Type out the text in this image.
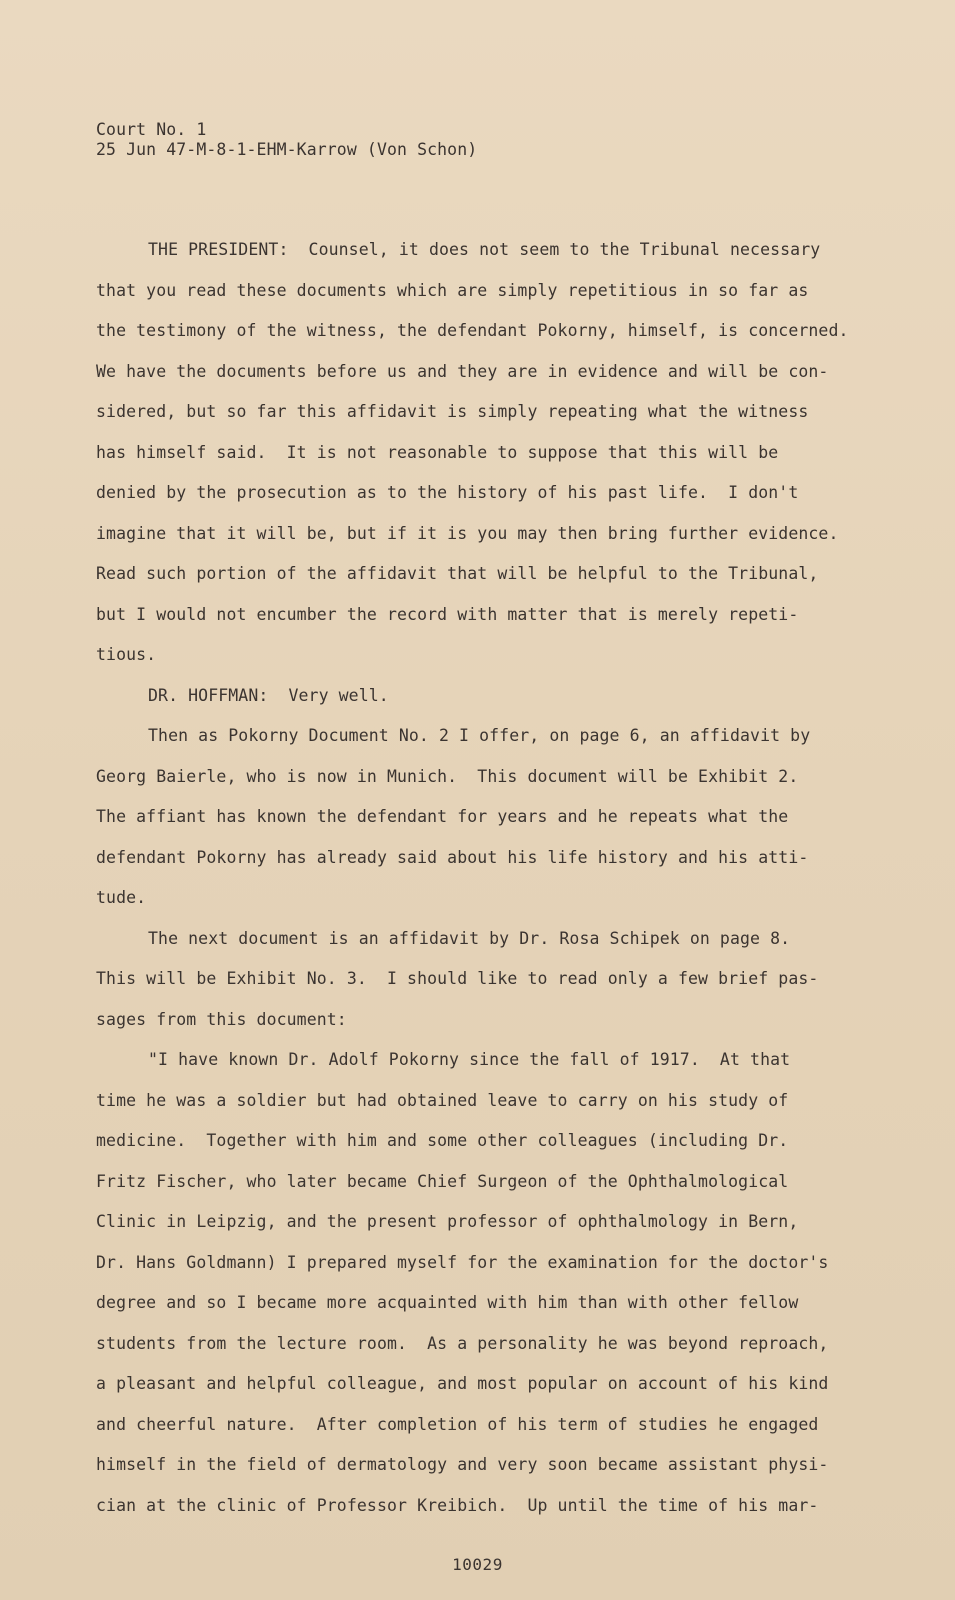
Court No. 1
25 Jun 47-M-8-1-EHM-Karrow (Von Schon)
THE PRESIDENT:  Counsel, it does not seem to the Tribunal necessary
that you read these documents which are simply repetitious in so far as
the testimony of the witness, the defendant Pokorny, himself, is concerned.
We have the documents before us and they are in evidence and will be con-
sidered, but so far this affidavit is simply repeating what the witness
has himself said.  It is not reasonable to suppose that this will be
denied by the prosecution as to the history of his past life.  I don't
imagine that it will be, but if it is you may then bring further evidence.
Read such portion of the affidavit that will be helpful to the Tribunal,
but I would not encumber the record with matter that is merely repeti-
tious.
DR. HOFFMAN:  Very well.
Then as Pokorny Document No. 2 I offer, on page 6, an affidavit by
Georg Baierle, who is now in Munich.  This document will be Exhibit 2.
The affiant has known the defendant for years and he repeats what the
defendant Pokorny has already said about his life history and his atti-
tude.
The next document is an affidavit by Dr. Rosa Schipek on page 8.
This will be Exhibit No. 3.  I should like to read only a few brief pas-
sages from this document:
"I have known Dr. Adolf Pokorny since the fall of 1917.  At that
time he was a soldier but had obtained leave to carry on his study of
medicine.  Together with him and some other colleagues (including Dr.
Fritz Fischer, who later became Chief Surgeon of the Ophthalmological
Clinic in Leipzig, and the present professor of ophthalmology in Bern,
Dr. Hans Goldmann) I prepared myself for the examination for the doctor's
degree and so I became more acquainted with him than with other fellow
students from the lecture room.  As a personality he was beyond reproach,
a pleasant and helpful colleague, and most popular on account of his kind
and cheerful nature.  After completion of his term of studies he engaged
himself in the field of dermatology and very soon became assistant physi-
cian at the clinic of Professor Kreibich.  Up until the time of his mar-
10029
